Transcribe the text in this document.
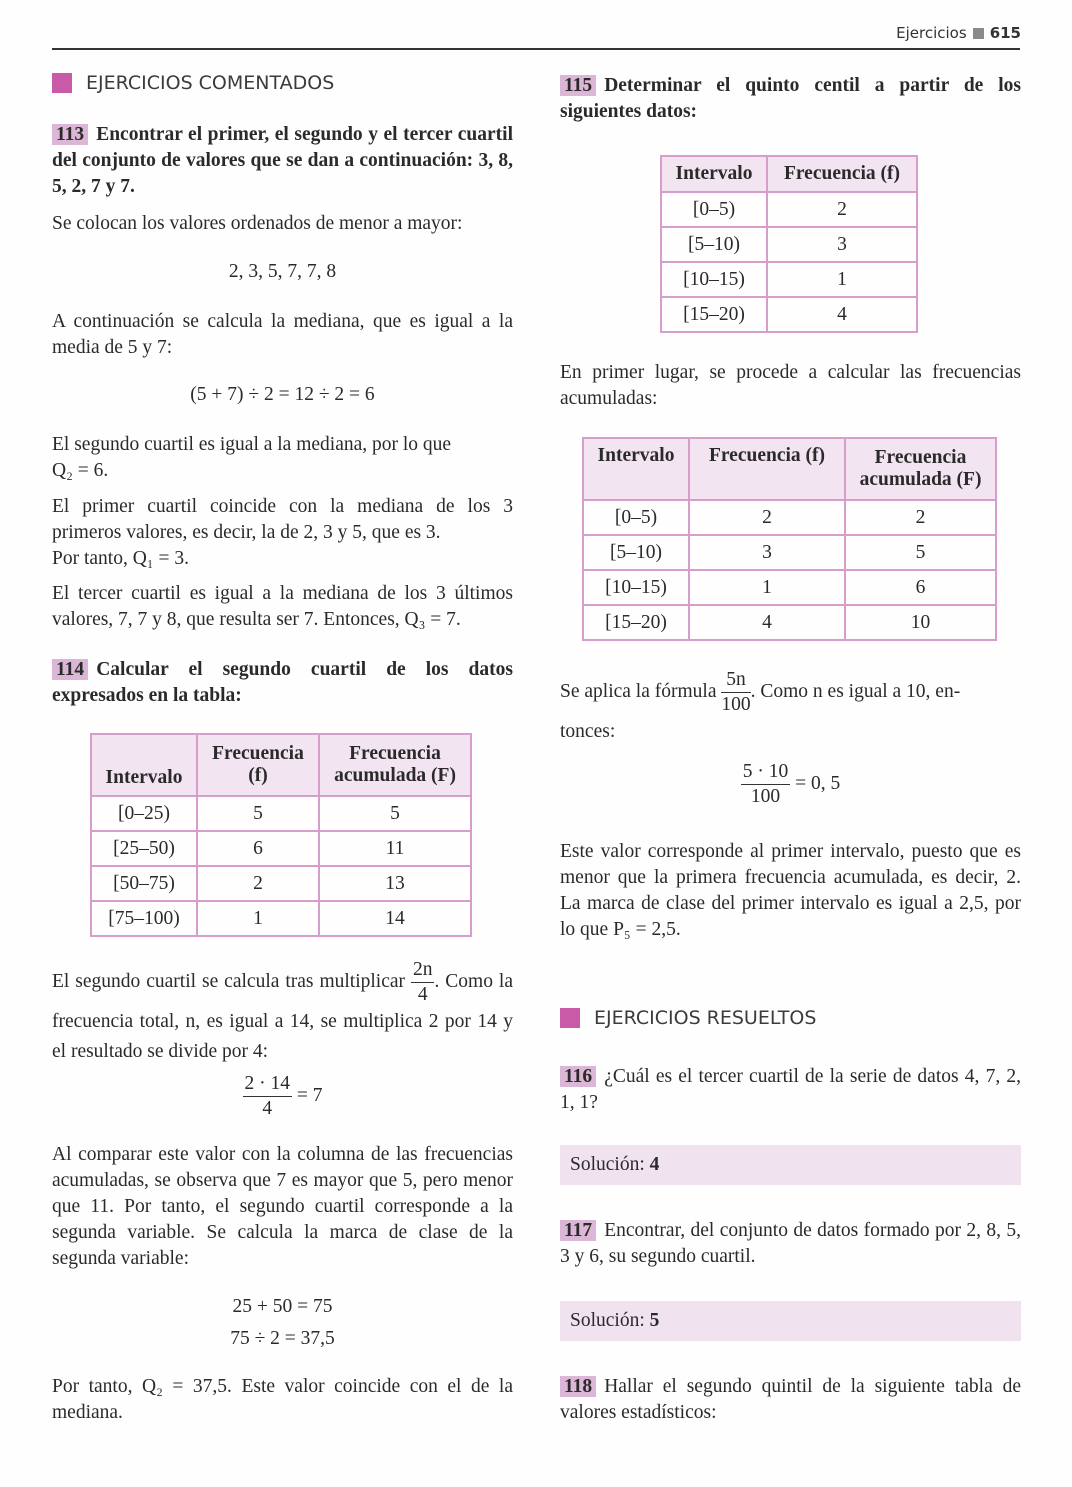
Ejercicios 615
EJERCICIOS COMENTADOS

113 Encontrar el primer, el segundo y el tercer cuartil del conjunto de valores que se dan a continuación: 3, 8, 5, 2, 7 y 7.

Se colocan los valores ordenados de menor a mayor:

2, 3, 5, 7, 7, 8

A continuación se calcula la mediana, que es igual a la media de 5 y 7:

(5 + 7) ÷ 2 = 12 ÷ 2 = 6

El segundo cuartil es igual a la mediana, por lo que
Q₂ = 6.

El primer cuartil coincide con la mediana de los 3 primeros valores, es decir, la de 2, 3 y 5, que es 3.
Por tanto, Q₁ = 3.

El tercer cuartil es igual a la mediana de los 3 últimos valores, 7, 7 y 8, que resulta ser 7. Entonces, Q₃ = 7.

114 Calcular el segundo cuartil de los datos expresados en la tabla:

Intervalo	Frecuencia (f)	Frecuencia acumulada (F)
[0–25)	5	5
[25–50)	6	11
[50–75)	2	13
[75–100)	1	14

El segundo cuartil se calcula tras multiplicar $\frac{2n}{4}$ . Como la frecuencia total, n, es igual a 14, se multiplica 2 por 14 y el resultado se divide por 4:

$\frac{2 \cdot 14}{4} = 7$

Al comparar este valor con la columna de las frecuencias acumuladas, se observa que 7 es mayor que 5, pero menor que 11. Por tanto, el segundo cuartil corresponde a la segunda variable. Se calcula la marca de clase de la segunda variable:

25 + 50 = 75

75 ÷ 2 = 37,5

Por tanto, Q₂ = 37,5. Este valor coincide con el de la mediana.

115 Determinar el quinto centil a partir de los siguientes datos:

Intervalo	Frecuencia (f)
[0–5)	2
[5–10)	3
[10–15)	1
[15–20)	4

En primer lugar, se procede a calcular las frecuencias acumuladas:

Intervalo	Frecuencia (f)	Frecuencia acumulada (F)
[0–5)	2	2
[5–10)	3	5
[10–15)	1	6
[15–20)	4	10

Se aplica la fórmula $\frac{5n}{100}$ . Como n es igual a 10, en-
tonces:

$\frac{5 \cdot 10}{100} = 0$, 5

Este valor corresponde al primer intervalo, puesto que es menor que la primera frecuencia acumulada, es decir, 2. La marca de clase del primer intervalo es igual a 2,5, por lo que P₅ = 2,5.

EJERCICIOS RESUELTOS

116 ¿Cuál es el tercer cuartil de la serie de datos 4, 7, 2, 1, 1?

Solución: 4

117 Encontrar, del conjunto de datos formado por 2, 8, 5, 3 y 6, su segundo cuartil.

Solución: 5

118 Hallar el segundo quintil de la siguiente tabla de valores estadísticos:
